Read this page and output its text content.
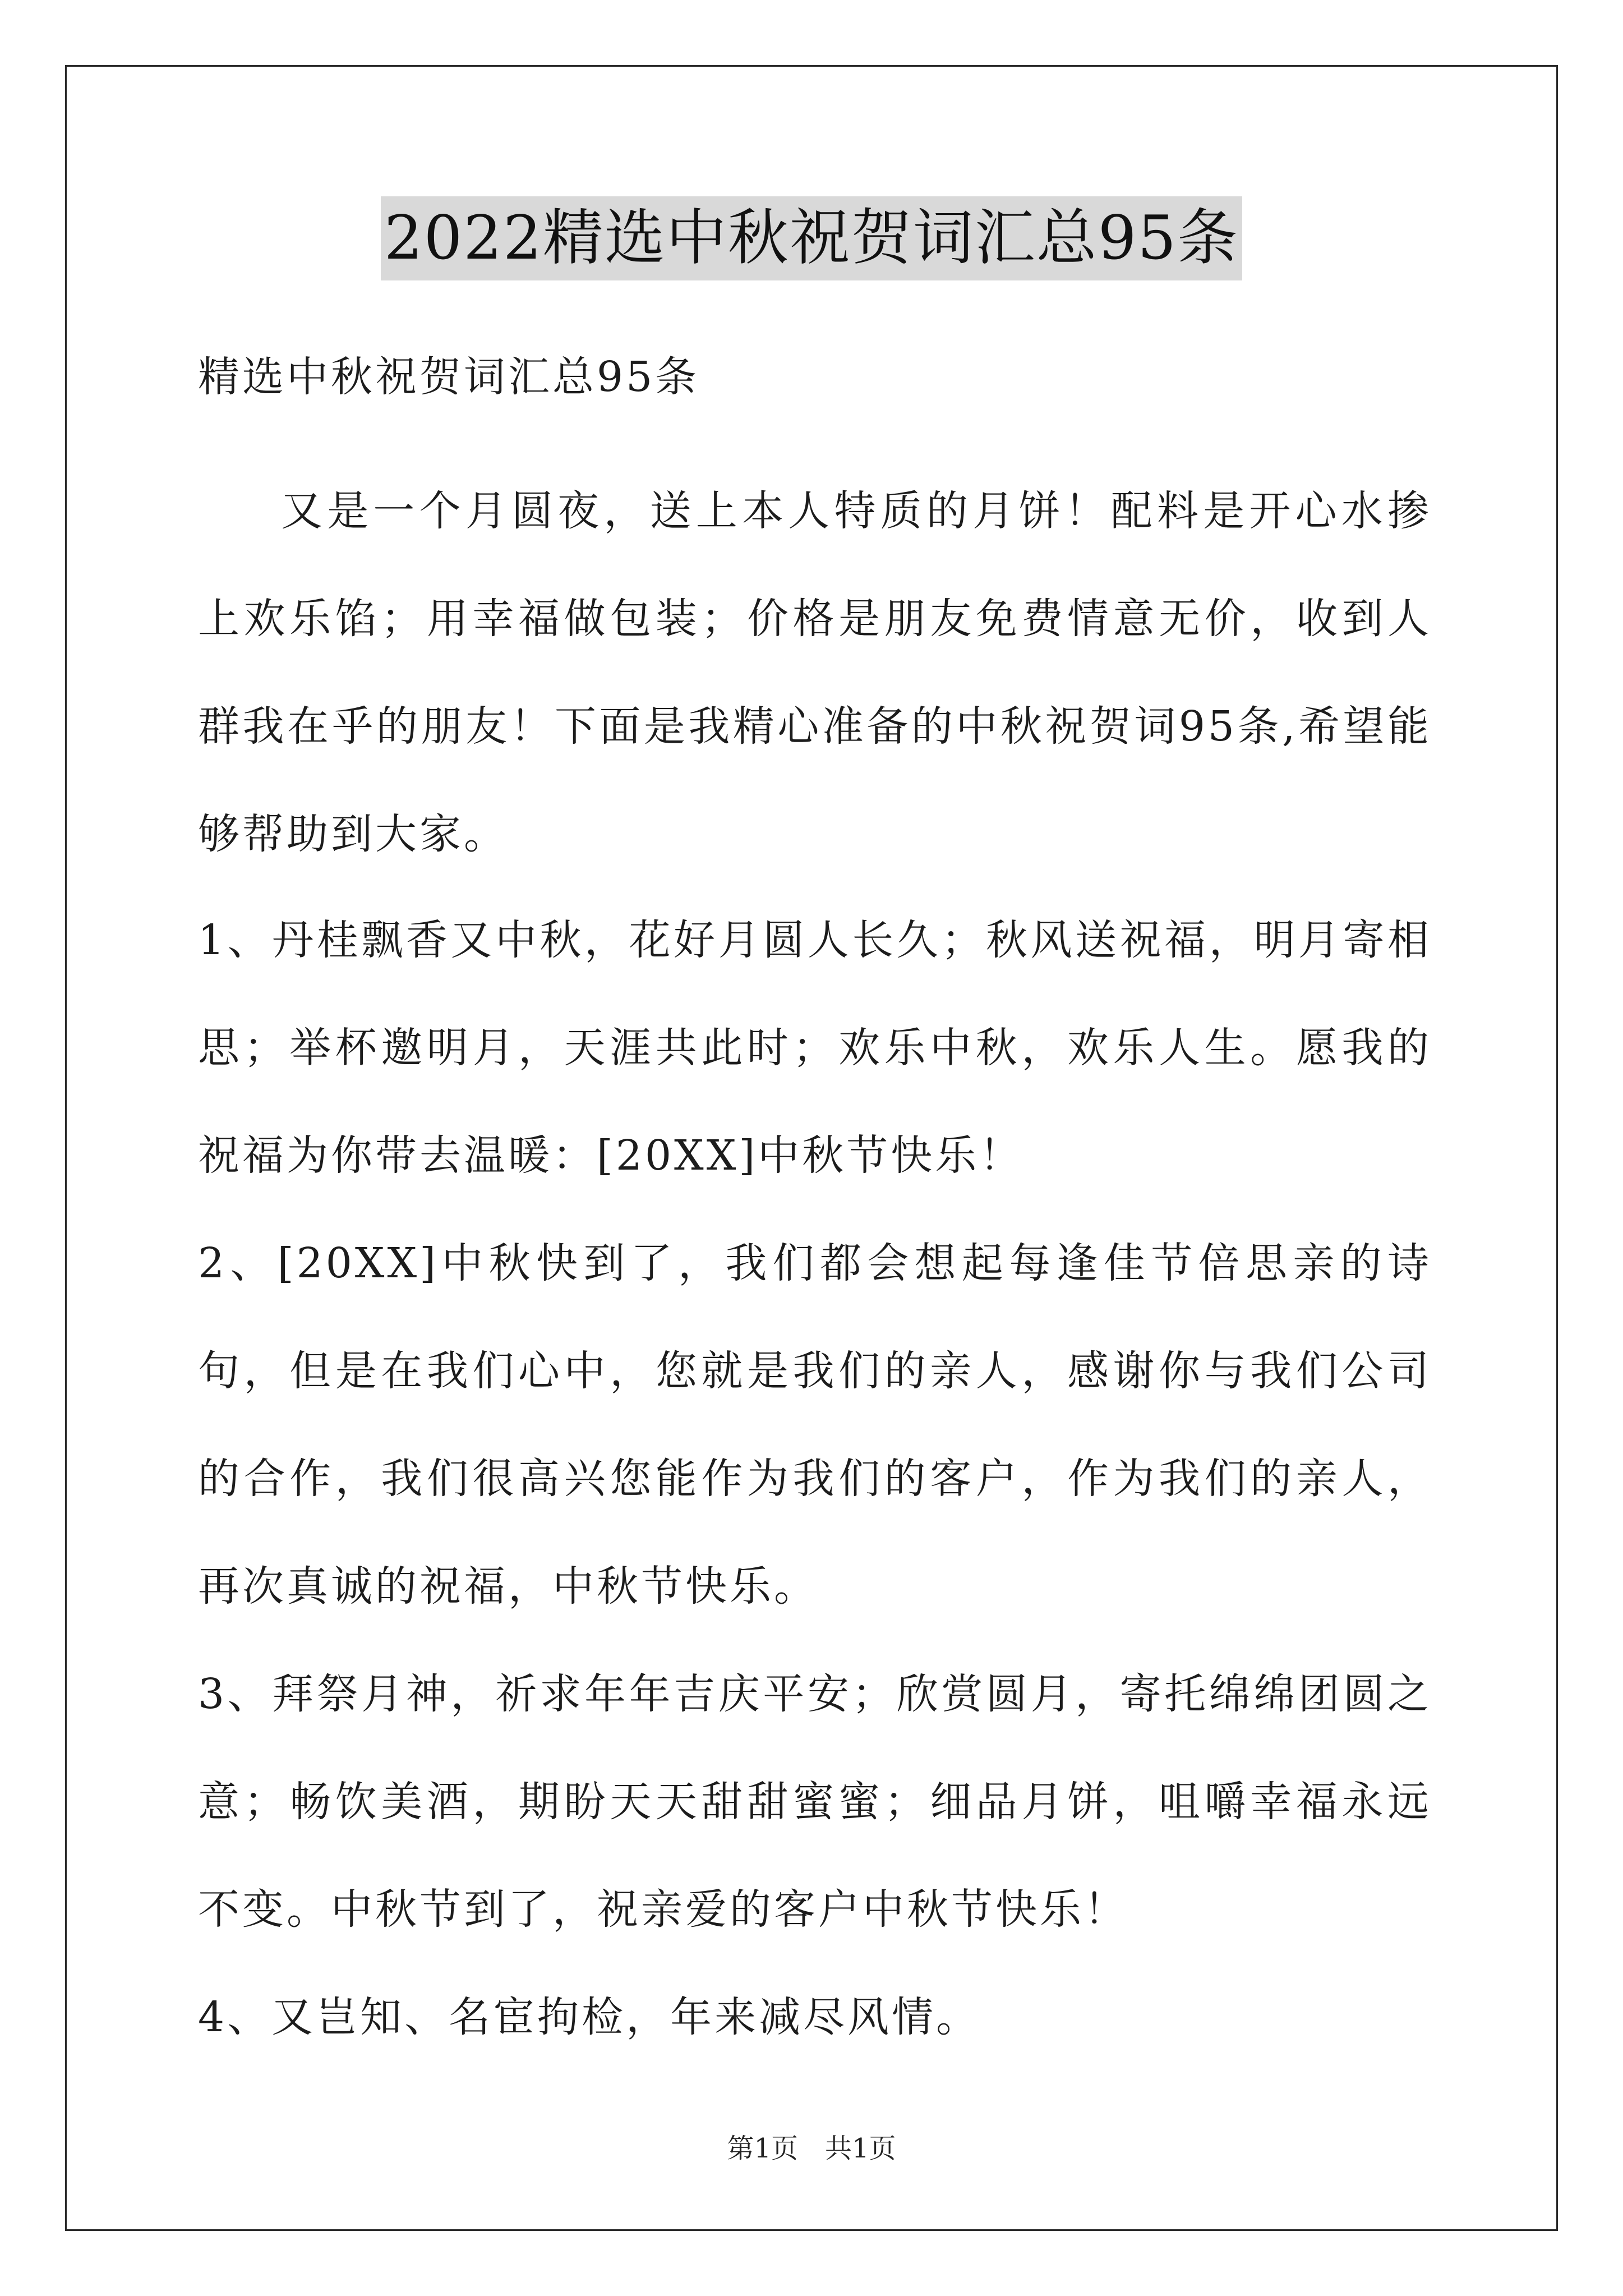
2022精选中秋祝贺词汇总95条
精选中秋祝贺词汇总95条
又是一个月圆夜，送上本人特质的月饼！配料是开心水掺上欢乐馅；用幸福做包装；价格是朋友免费情意无价，收到人群我在乎的朋友！下面是我精心准备的中秋祝贺词95条,希望能够帮助到大家。

1、丹桂飘香又中秋，花好月圆人长久；秋风送祝福，明月寄相思；举杯邀明月，天涯共此时；欢乐中秋，欢乐人生。愿我的祝福为你带去温暖：[20XX]中秋节快乐！

2、[20XX]中秋快到了，我们都会想起每逢佳节倍思亲的诗句，但是在我们心中，您就是我们的亲人，感谢你与我们公司的合作，我们很高兴您能作为我们的客户，作为我们的亲人，再次真诚的祝福，中秋节快乐。

3、拜祭月神，祈求年年吉庆平安；欣赏圆月，寄托绵绵团圆之意；畅饮美酒，期盼天天甜甜蜜蜜；细品月饼，咀嚼幸福永远不变。中秋节到了，祝亲爱的客户中秋节快乐！

4、又岂知、名宦拘检，年来减尽风情。

第1页 共1页
